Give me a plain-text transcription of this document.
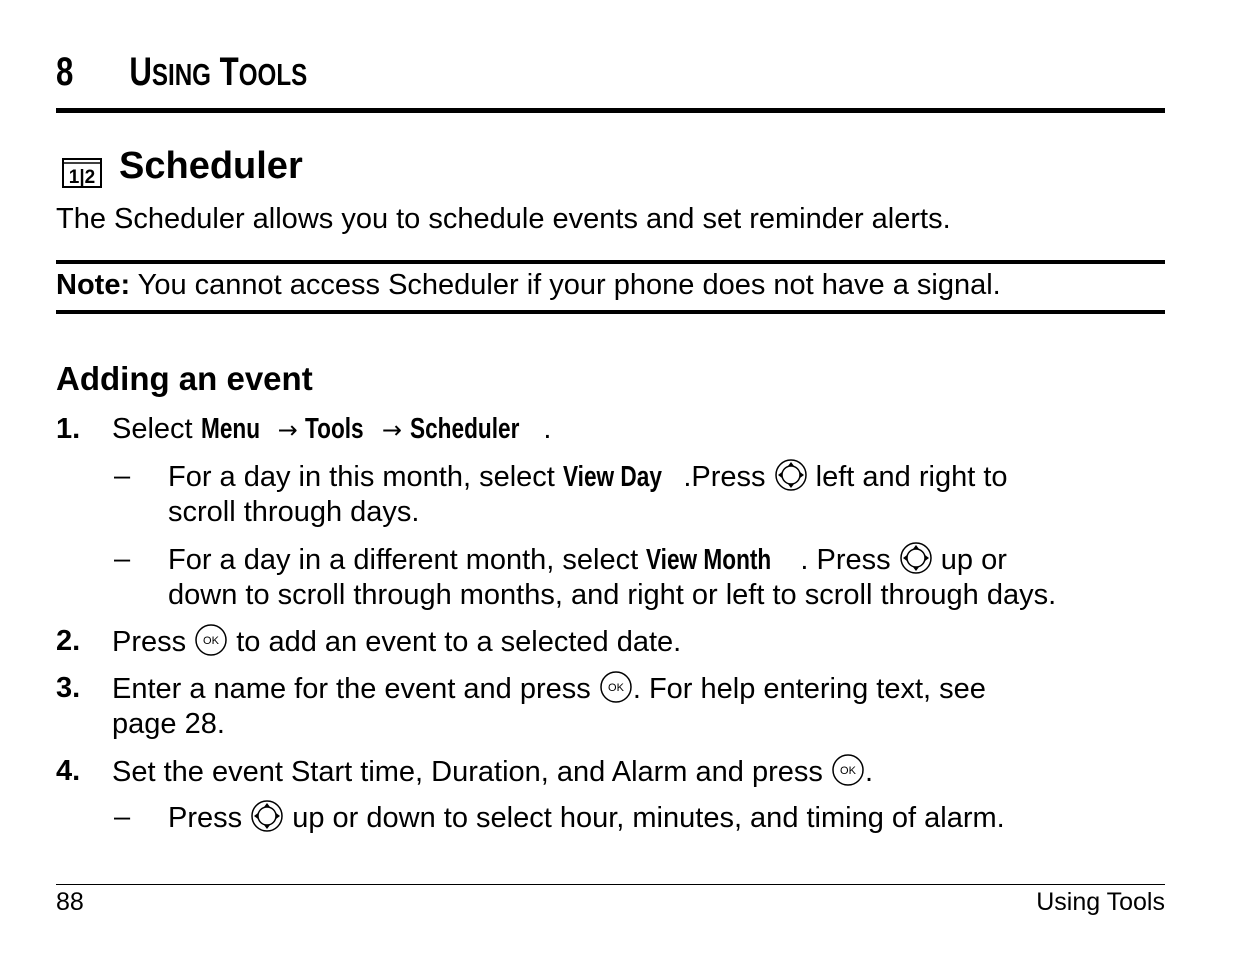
8 USING TOOLS
1|2 Scheduler
The Scheduler allows you to schedule events and set reminder alerts.
Note: You cannot access Scheduler if your phone does not have a signal.
Adding an event
1. Select Menu → Tools → Scheduler .
– For a day in this month, select View Day .Press  left and right to
scroll through days.
– For a day in a different month, select View Month . Press  up or
down to scroll through months, and right or left to scroll through days.
2. Press OK to add an event to a selected date.
3. Enter a name for the event and press OK . For help entering text, see
page 28.
4. Set the event Start time, Duration, and Alarm and press OK .
– Press  up or down to select hour, minutes, and timing of alarm.
88	Using Tools
